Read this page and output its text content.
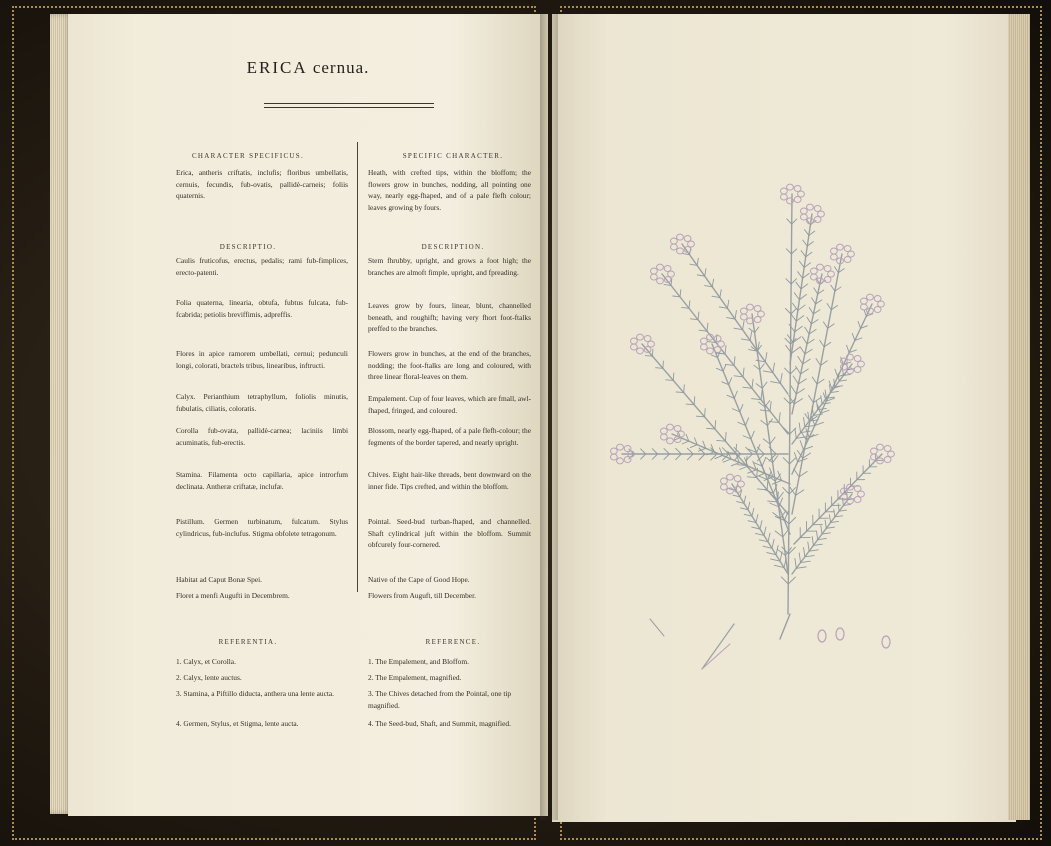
ERICA cernua.
CHARACTER SPECIFICUS.
Erica, antheris criftatis, inclufis; floribus umbellatis, cernuis, fecundis, fub-ovatis, pallidè-carneis; foliis quaternis.
DESCRIPTIO.
Caulis fruticofus, erectus, pedalis; rami fub-fimplices, erecto-patenti.
Folia quaterna, linearia, obtufa, fubtus fulcata, fub-fcabrida; petiolis breviffimis, adpreffis.
Flores in apice ramorem umbellati, cernui; pedunculi longi, colorati, bractels tribus, linearibus, inftructi.
Calyx. Perianthium tetraphyllum, foliolis minutis, fubulatis, ciliatis, coloratis.
Corolla fub-ovata, pallidè-carnea; laciniis limbi acuminatis, fub-erectis.
Stamina. Filamenta octo capillaria, apice introrfum declinata. Antheræ criftatæ, inclufæ.
Pistillum. Germen turbinatum, fulcatum. Stylus cylindricus, fub-inclufus. Stigma obfolete tetragonum.
Habitat ad Caput Bonæ Spei.
Floret a menfi Augufti in Decembrem.
REFERENTIA.
1. Calyx, et Corolla.
2. Calyx, lente auctus.
3. Stamina, a Piftillo diducta, anthera una lente aucta.
4. Germen, Stylus, et Stigma, lente aucta.
SPECIFIC CHARACTER.
Heath, with crefted tips, within the bloffom; the flowers grow in bunches, nodding, all pointing one way, nearly egg-fhaped, and of a pale flefh colour; leaves growing by fours.
DESCRIPTION.
Stem fhrubby, upright, and grows a foot high; the branches are almoft fimple, upright, and fpreading.
Leaves grow by fours, linear, blunt, channelled beneath, and roughifh; having very fhort foot-ftalks preffed to the branches.
Flowers grow in bunches, at the end of the branches, nodding; the foot-ftalks are long and coloured, with three linear floral-leaves on them.
Empalement. Cup of four leaves, which are fmall, awl-fhaped, fringed, and coloured.
Blossom, nearly egg-fhaped, of a pale flefh-colour; the fegments of the border tapered, and nearly upright.
Chives. Eight hair-like threads, bent downward on the inner fide. Tips crefted, and within the bloffom.
Pointal. Seed-bud turban-fhaped, and channelled. Shaft cylindrical juft within the bloffom. Summit obfcurely four-cornered.
Native of the Cape of Good Hope.
Flowers from Auguft, till December.
REFERENCE.
1. The Empalement, and Bloffom.
2. The Empalement, magnified.
3. The Chives detached from the Pointal, one tip magnified.
4. The Seed-bud, Shaft, and Summit, magnified.
